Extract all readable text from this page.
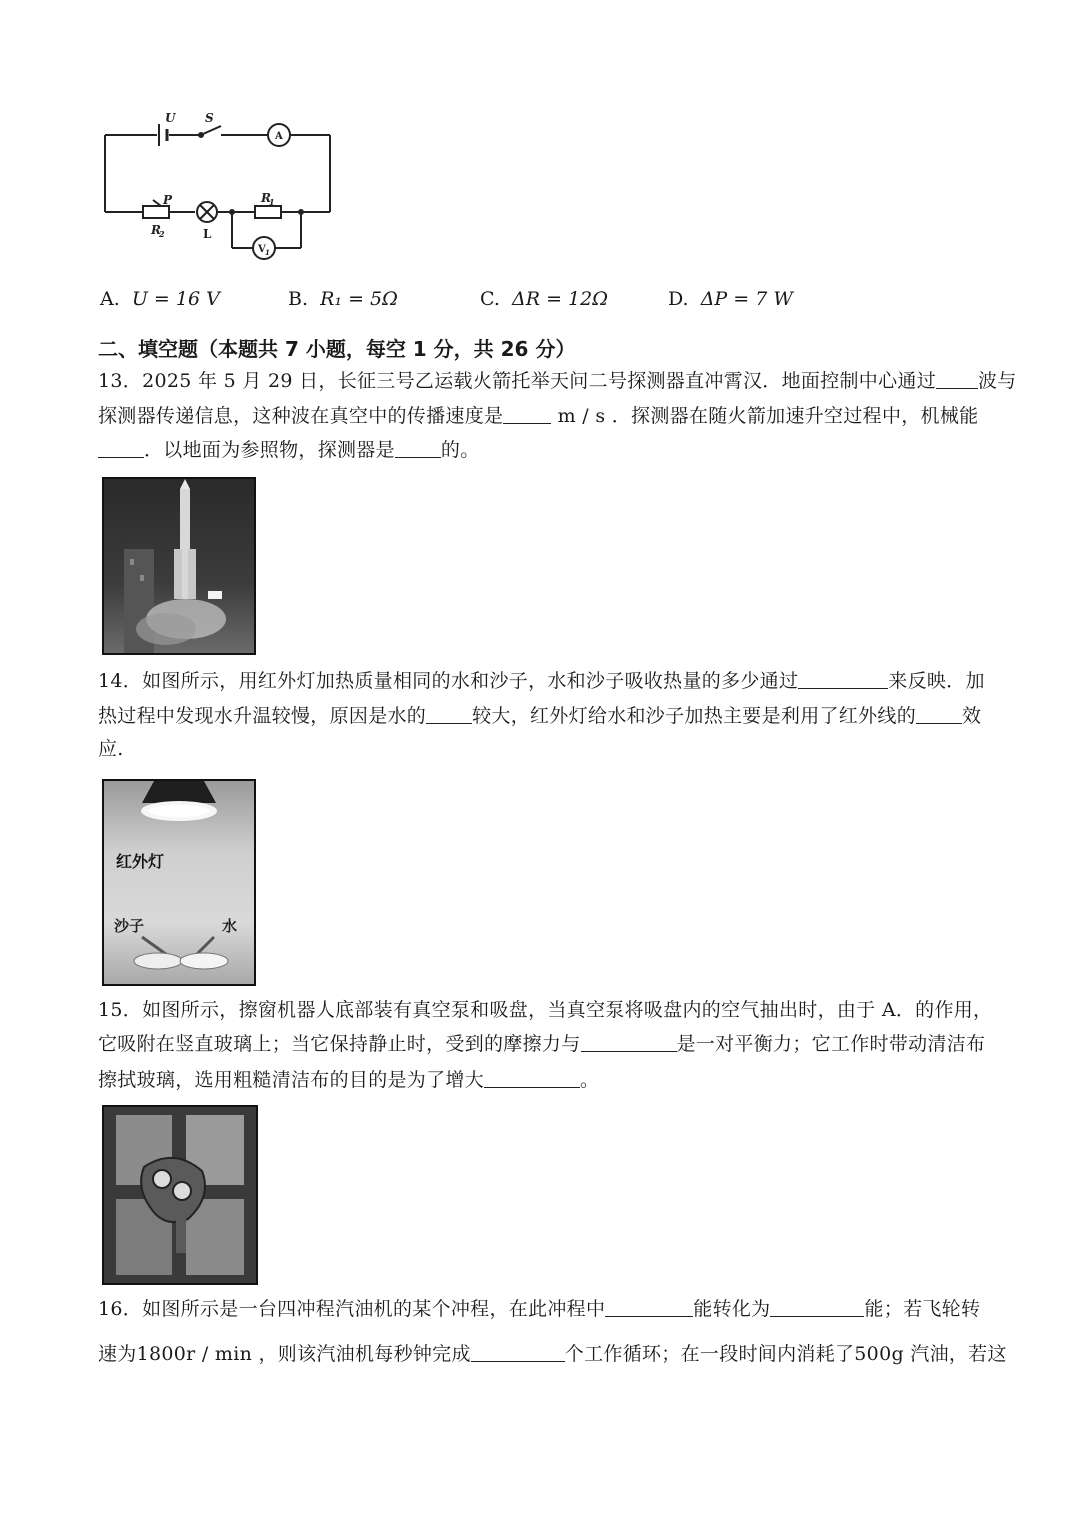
U S
A
P
R
2	L
R
1
V 1
A. U = 16 V	B. R₁ = 5Ω	C. ΔR = 12Ω	D. ΔP = 7 W
二、填空题（本题共 7 小题，每空 1 分，共 26 分）
13．2025 年 5 月 29 日，长征三号乙运载火箭托举天问二号探测器直冲霄汉．地面控制中心通过 波与
探测器传递信息，这种波在真空中的传播速度是	m / s ．探测器在随火箭加速升空过程中，机械能
．以地面为参照物，探测器是 的。
14．如图所示，用红外灯加热质量相同的水和沙子，水和沙子吸收热量的多少通过	来反映．加
热过程中发现水升温较慢，原因是水的 较大，红外灯给水和沙子加热主要是利用了红外线的 效
应.
红外灯
沙子	水
15．如图所示，擦窗机器人底部装有真空泵和吸盘，当真空泵将吸盘内的空气抽出时，由于 A．的作用，
它吸附在竖直玻璃上；当它保持静止时，受到的摩擦力与	是一对平衡力；它工作时带动清洁布
擦拭玻璃，选用粗糙清洁布的目的是为了增大	。
16．如图所示是一台四冲程汽油机的某个冲程，在此冲程中	能转化为	能；若飞轮转
速为1800r / min ，则该汽油机每秒钟完成	个工作循环；在一段时间内消耗了500g 汽油，若这
